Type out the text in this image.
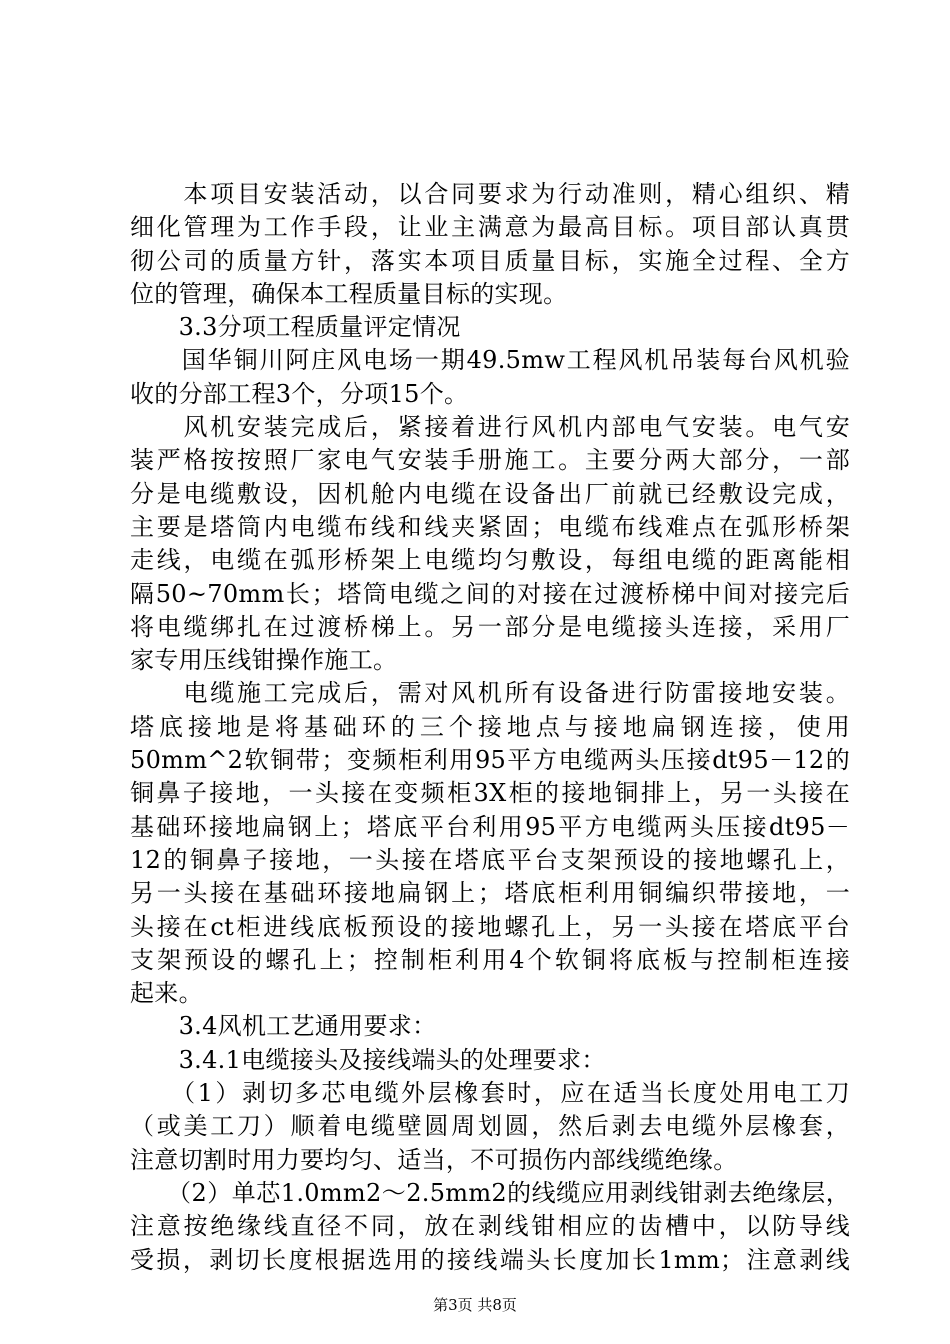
　　本项目安装活动，以合同要求为行动准则，精心组织、精
细化管理为工作手段，让业主满意为最高目标。项目部认真贯
彻公司的质量方针，落实本项目质量目标，实施全过程、全方
位的管理，确保本工程质量目标的实现。
　　3.3分项工程质量评定情况
　　国华铜川阿庄风电场一期49.5mw工程风机吊装每台风机验
收的分部工程3个，分项15个。
　　风机安装完成后，紧接着进行风机内部电气安装。电气安
装严格按按照厂家电气安装手册施工。主要分两大部分，一部
分是电缆敷设，因机舱内电缆在设备出厂前就已经敷设完成，
主要是塔筒内电缆布线和线夹紧固；电缆布线难点在弧形桥架
走线，电缆在弧形桥架上电缆均匀敷设，每组电缆的距离能相
隔50~70mm长；塔筒电缆之间的对接在过渡桥梯中间对接完后
将电缆绑扎在过渡桥梯上。另一部分是电缆接头连接，采用厂
家专用压线钳操作施工。
　　电缆施工完成后，需对风机所有设备进行防雷接地安装。
塔底接地是将基础环的三个接地点与接地扁钢连接，使用
50mm^2软铜带；变频柜利用95平方电缆两头压接dt95－12的
铜鼻子接地，一头接在变频柜3X柜的接地铜排上，另一头接在
基础环接地扁钢上；塔底平台利用95平方电缆两头压接dt95－
12的铜鼻子接地，一头接在塔底平台支架预设的接地螺孔上，
另一头接在基础环接地扁钢上；塔底柜利用铜编织带接地，一
头接在ct柜进线底板预设的接地螺孔上，另一头接在塔底平台
支架预设的螺孔上；控制柜利用4个软铜将底板与控制柜连接
起来。
　　3.4风机工艺通用要求：
　　3.4.1电缆接头及接线端头的处理要求：
　　（1）剥切多芯电缆外层橡套时，应在适当长度处用电工刀
（或美工刀）顺着电缆壁圆周划圆，然后剥去电缆外层橡套，
注意切割时用力要均匀、适当，不可损伤内部线缆绝缘。
　　（2）单芯1.0mm2～2.5mm2的线缆应用剥线钳剥去绝缘层，
注意按绝缘线直径不同，放在剥线钳相应的齿槽中，以防导线
受损，剥切长度根据选用的接线端头长度加长1mm；注意剥线
第3页 共8页
